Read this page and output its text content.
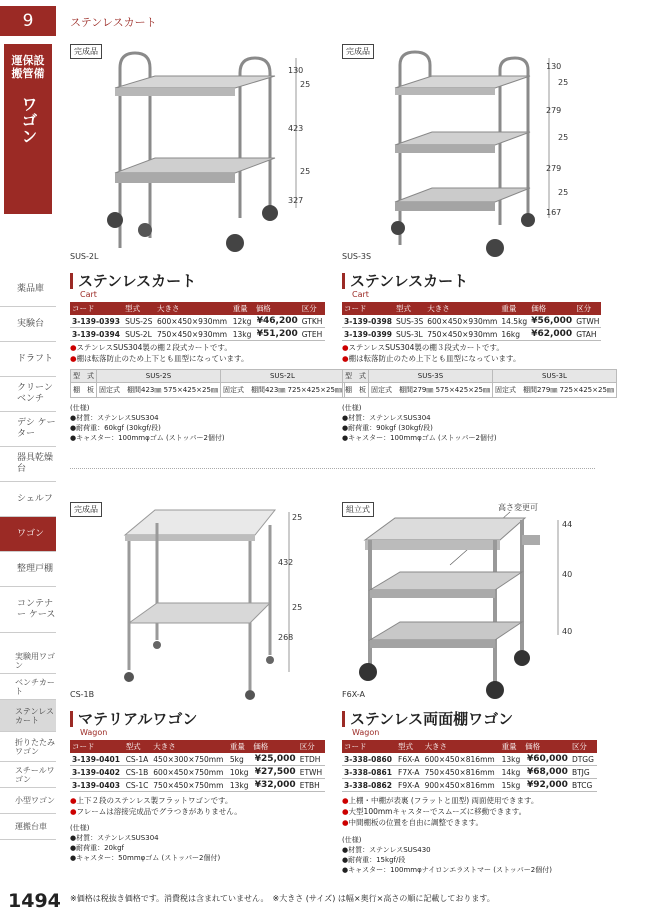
9
運保設 搬管備
ワゴン
薬品庫
実験台
ドラフト
クリーン ベンチ
デシ ケーター
器具乾燥台
シェルフ
ワゴン
整理戸棚
コンテナー ケース
実験用ワゴン
ベンチカート
ステンレス カート
折りたたみ ワゴン
スチールワゴン
小型ワゴン
運搬台車
1494
ステンレスカート
完成品
130
25
423
25
327
SUS-2L
ステンレスカート
Cart
コード	型式	大きさ	重量	価格	区分
3-139-0393	SUS-2S	600×450×930mm	12kg	¥46,200	GTKH
3-139-0394	SUS-2L	750×450×930mm	13kg	¥51,200	GTEH
●ステンレスSUS304製の棚２段式カートです。
●棚は転落防止のため上下とも皿型になっています。
型　式	SUS-2S	SUS-2L
棚　板	固定式　棚間423㎜ 575×425×25㎜	固定式　棚間423㎜ 725×425×25㎜
(仕様)
●材質：ステンレスSUS304
●耐荷重：60kgf (30kgf/段)
●キャスター：100mmφゴム (ストッパー2個付)
完成品
130
25
279
25
279
25
167
SUS-3S
ステンレスカート
Cart
コード	型式	大きさ	重量	価格	区分
3-139-0398	SUS-3S	600×450×930mm	14.5kg	¥56,000	GTWH
3-139-0399	SUS-3L	750×450×930mm	16kg	¥62,000	GTAH
●ステンレスSUS304製の棚３段式カートです。
●棚は転落防止のため上下とも皿型になっています。
型　式	SUS-3S	SUS-3L
棚　板	固定式　棚間279㎜ 575×425×25㎜	固定式　棚間279㎜ 725×425×25㎜
(仕様)
●材質：ステンレスSUS304
●耐荷重：90kgf (30kgf/段)
●キャスター：100mmφゴム (ストッパー2個付)
完成品
25
432
25
268
CS-1B
マテリアルワゴン
Wagon
コード	型式	大きさ	重量	価格	区分
3-139-0401	CS-1A	450×300×750mm	5kg	¥25,000	ETDH
3-139-0402	CS-1B	600×450×750mm	10kg	¥27,500	ETWH
3-139-0403	CS-1C	750×450×750mm	13kg	¥32,000	ETBH
●上下２段のステンレス製フラットワゴンです。
●フレームは溶接完成品でグラつきがありません。
(仕様)
●材質：ステンレスSUS304
●耐荷重：20kgf
●キャスター：50mmφゴム (ストッパー2個付)
組立式	高さ変更可
44
40
40
F6X-A
ステンレス両面棚ワゴン
Wagon
コード	型式	大きさ	重量	価格	区分
3-338-0860	F6X-A	600×450×816mm	13kg	¥60,000	DTGG
3-338-0861	F7X-A	750×450×816mm	14kg	¥68,000	BTJG
3-338-0862	F9X-A	900×450×816mm	15kg	¥92,000	BTCG
●上棚・中棚が表裏 (フラットと皿型) 両面使用できます。
●大型100mmキャスターでスムーズに移動できます。
●中間棚板の位置を自由に調整できます。
(仕様)
●材質：ステンレスSUS430
●耐荷重：15kgf/段
●キャスター：100mmφナイロンエラストマー (ストッパー2個付)
※価格は税抜き価格です。消費税は含まれていません。　※大きさ (サイズ) は幅×奥行×高さの順に記載しております。
